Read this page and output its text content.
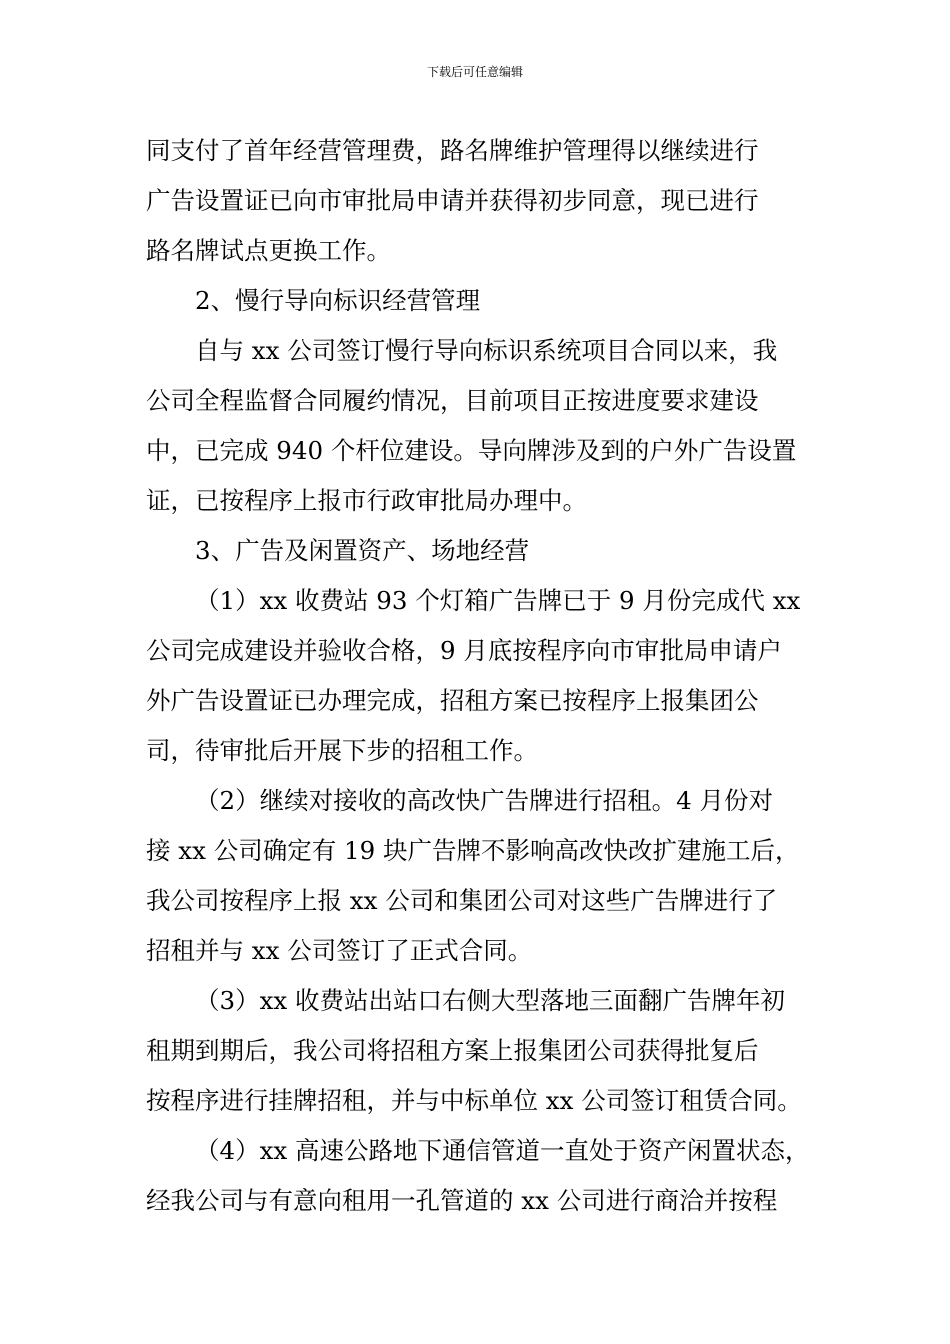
下载后可任意编辑
同支付了首年经营管理费，路名牌维护管理得以继续进行
广告设置证已向市审批局申请并获得初步同意，现已进行
路名牌试点更换工作。
2、慢行导向标识经营管理
自与 xx 公司签订慢行导向标识系统项目合同以来，我
公司全程监督合同履约情况，目前项目正按进度要求建设
中，已完成 940 个杆位建设。导向牌涉及到的户外广告设置
证，已按程序上报市行政审批局办理中。
3、广告及闲置资产、场地经营
（1）xx 收费站 93 个灯箱广告牌已于 9 月份完成代 xx
公司完成建设并验收合格，9 月底按程序向市审批局申请户
外广告设置证已办理完成，招租方案已按程序上报集团公
司，待审批后开展下步的招租工作。
（2）继续对接收的高改快广告牌进行招租。4 月份对
接 xx 公司确定有 19 块广告牌不影响高改快改扩建施工后，
我公司按程序上报 xx 公司和集团公司对这些广告牌进行了
招租并与 xx 公司签订了正式合同。
（3）xx 收费站出站口右侧大型落地三面翻广告牌年初
租期到期后，我公司将招租方案上报集团公司获得批复后
按程序进行挂牌招租，并与中标单位 xx 公司签订租赁合同。
（4）xx 高速公路地下通信管道一直处于资产闲置状态，
经我公司与有意向租用一孔管道的 xx 公司进行商洽并按程
